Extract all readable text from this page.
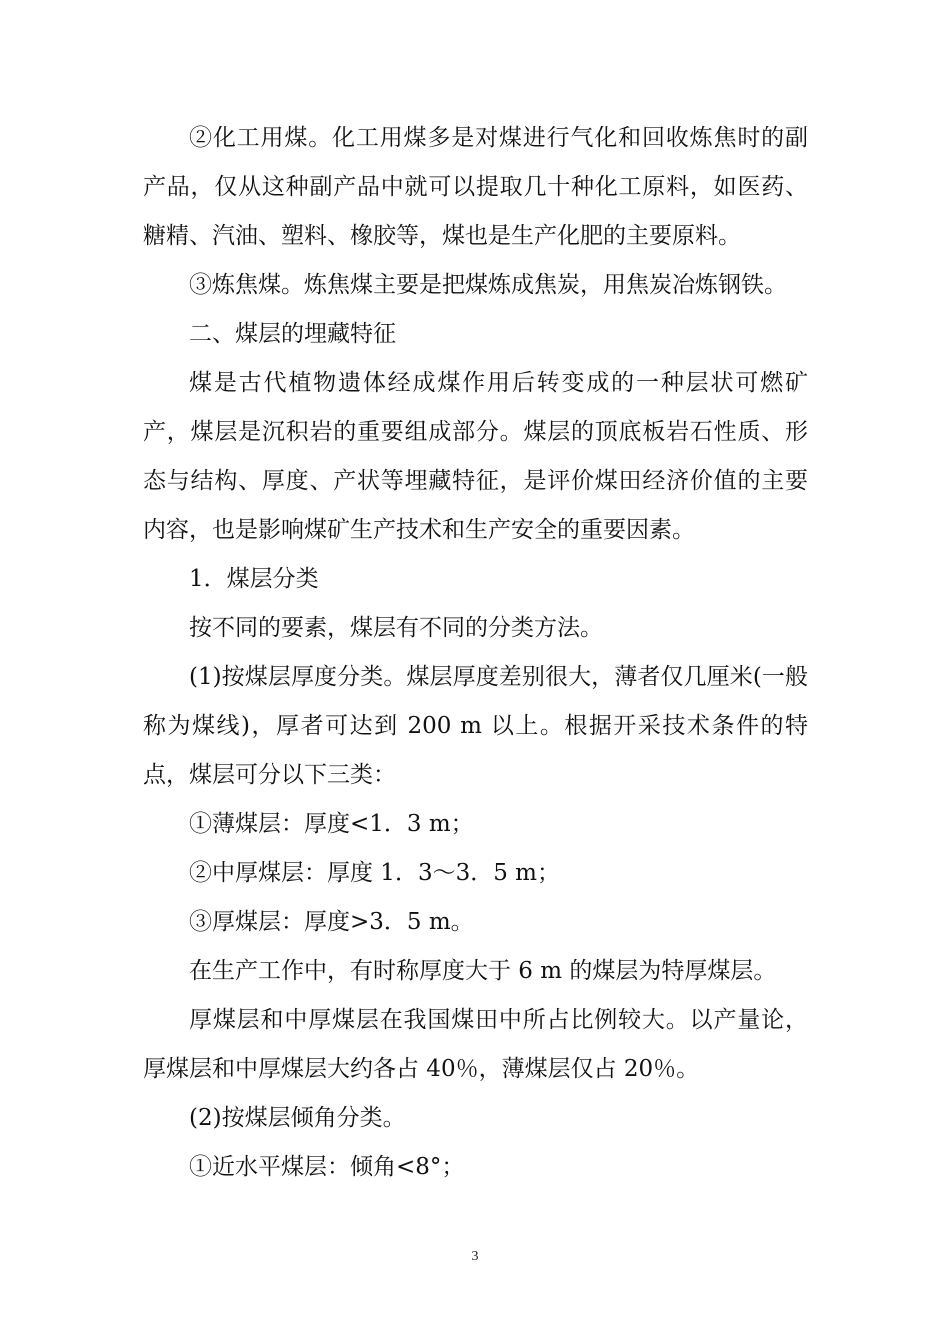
②化工用煤。化工用煤多是对煤进行气化和回收炼焦时的副产品，仅从这种副产品中就可以提取几十种化工原料，如医药、糖精、汽油、塑料、橡胶等，煤也是生产化肥的主要原料。

③炼焦煤。炼焦煤主要是把煤炼成焦炭，用焦炭冶炼钢铁。

二、煤层的埋藏特征

煤是古代植物遗体经成煤作用后转变成的一种层状可燃矿产，煤层是沉积岩的重要组成部分。煤层的顶底板岩石性质、形态与结构、厚度、产状等埋藏特征，是评价煤田经济价值的主要内容，也是影响煤矿生产技术和生产安全的重要因素。

1．煤层分类

按不同的要素，煤层有不同的分类方法。

(1)按煤层厚度分类。煤层厚度差别很大，薄者仅几厘米(一般称为煤线)，厚者可达到 200 m 以上。根据开采技术条件的特点，煤层可分以下三类：

①薄煤层：厚度<1．3 m；

②中厚煤层：厚度 1．3～3．5 m；

③厚煤层：厚度>3．5 m。

在生产工作中，有时称厚度大于 6 m 的煤层为特厚煤层。

厚煤层和中厚煤层在我国煤田中所占比例较大。以产量论，厚煤层和中厚煤层大约各占 40％，薄煤层仅占 20％。

(2)按煤层倾角分类。

①近水平煤层：倾角<8°；

3
